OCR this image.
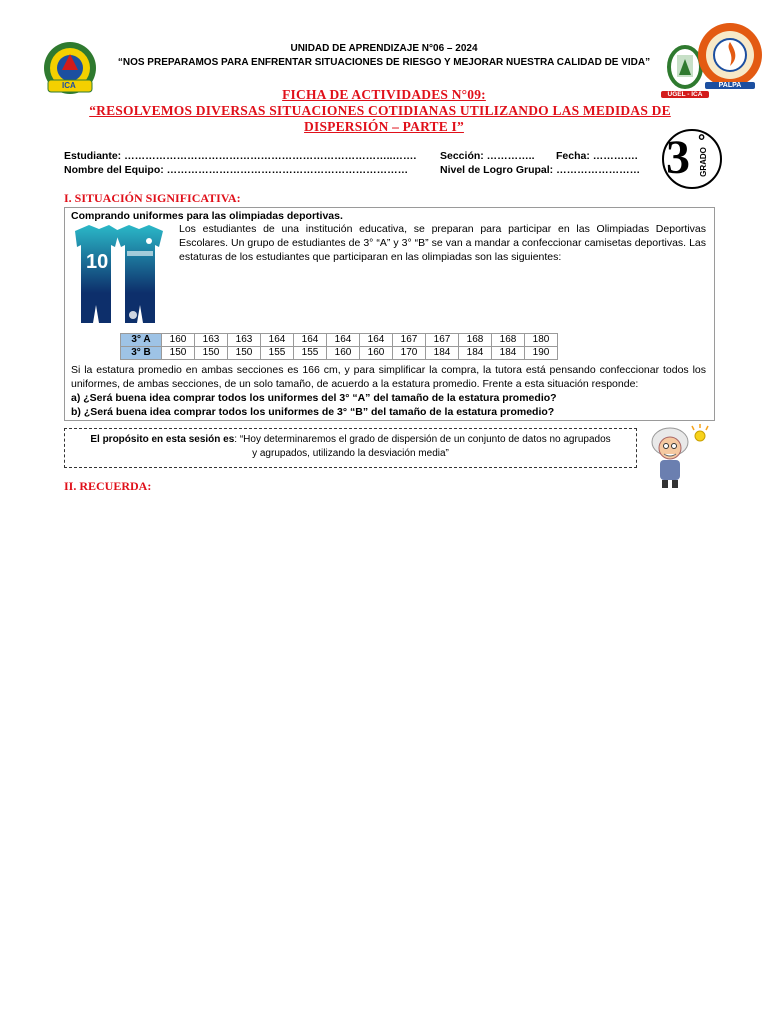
ICA
UNIDAD DE APRENDIZAJE N°06 – 2024
“NOS PREPARAMOS PARA ENFRENTAR SITUACIONES DE RIESGO Y MEJORAR NUESTRA CALIDAD DE VIDA”
UGEL - ICA
PALPA
FICHA DE ACTIVIDADES N°09:
“RESOLVEMOS DIVERSAS SITUACIONES COTIDIANAS UTILIZANDO LAS MEDIDAS DE
DISPERSIÓN – PARTE I”
3 °
GRADO
Estudiante: …………………………………………………………………..……. Sección: ………….. Fecha: ………….
Nombre del Equipo: ……………………………………………………………	Nivel de Logro Grupal: ……………………
I. SITUACIÓN SIGNIFICATIVA:
Comprando uniformes para las olimpiadas deportivas.
10
Los estudiantes de una institución educativa, se preparan para participar en las Olimpiadas Deportivas Escolares. Un grupo de estudiantes de 3° “A” y 3° “B” se van a mandar a confeccionar camisetas deportivas. Las estaturas de los estudiantes que participaran en las olimpiadas son las siguientes:
3° A	160	163	163	164	164	164	164	167	167	168	168	180
3° B	150	150	150	155	155	160	160	170	184	184	184	190
Si la estatura promedio en ambas secciones es 166 cm, y para simplificar la compra, la tutora está pensando confeccionar todos los uniformes, de ambas secciones, de un solo tamaño, de acuerdo a la estatura promedio. Frente a esta situación responde:
a) ¿Será buena idea comprar todos los uniformes del 3° “A” del tamaño de la estatura promedio?
b) ¿Será buena idea comprar todos los uniformes de 3° “B” del tamaño de la estatura promedio?
El propósito en esta sesión es: “Hoy determinaremos el grado de dispersión de un conjunto de datos no agrupados
y agrupados, utilizando la desviación media”
II. RECUERDA:
